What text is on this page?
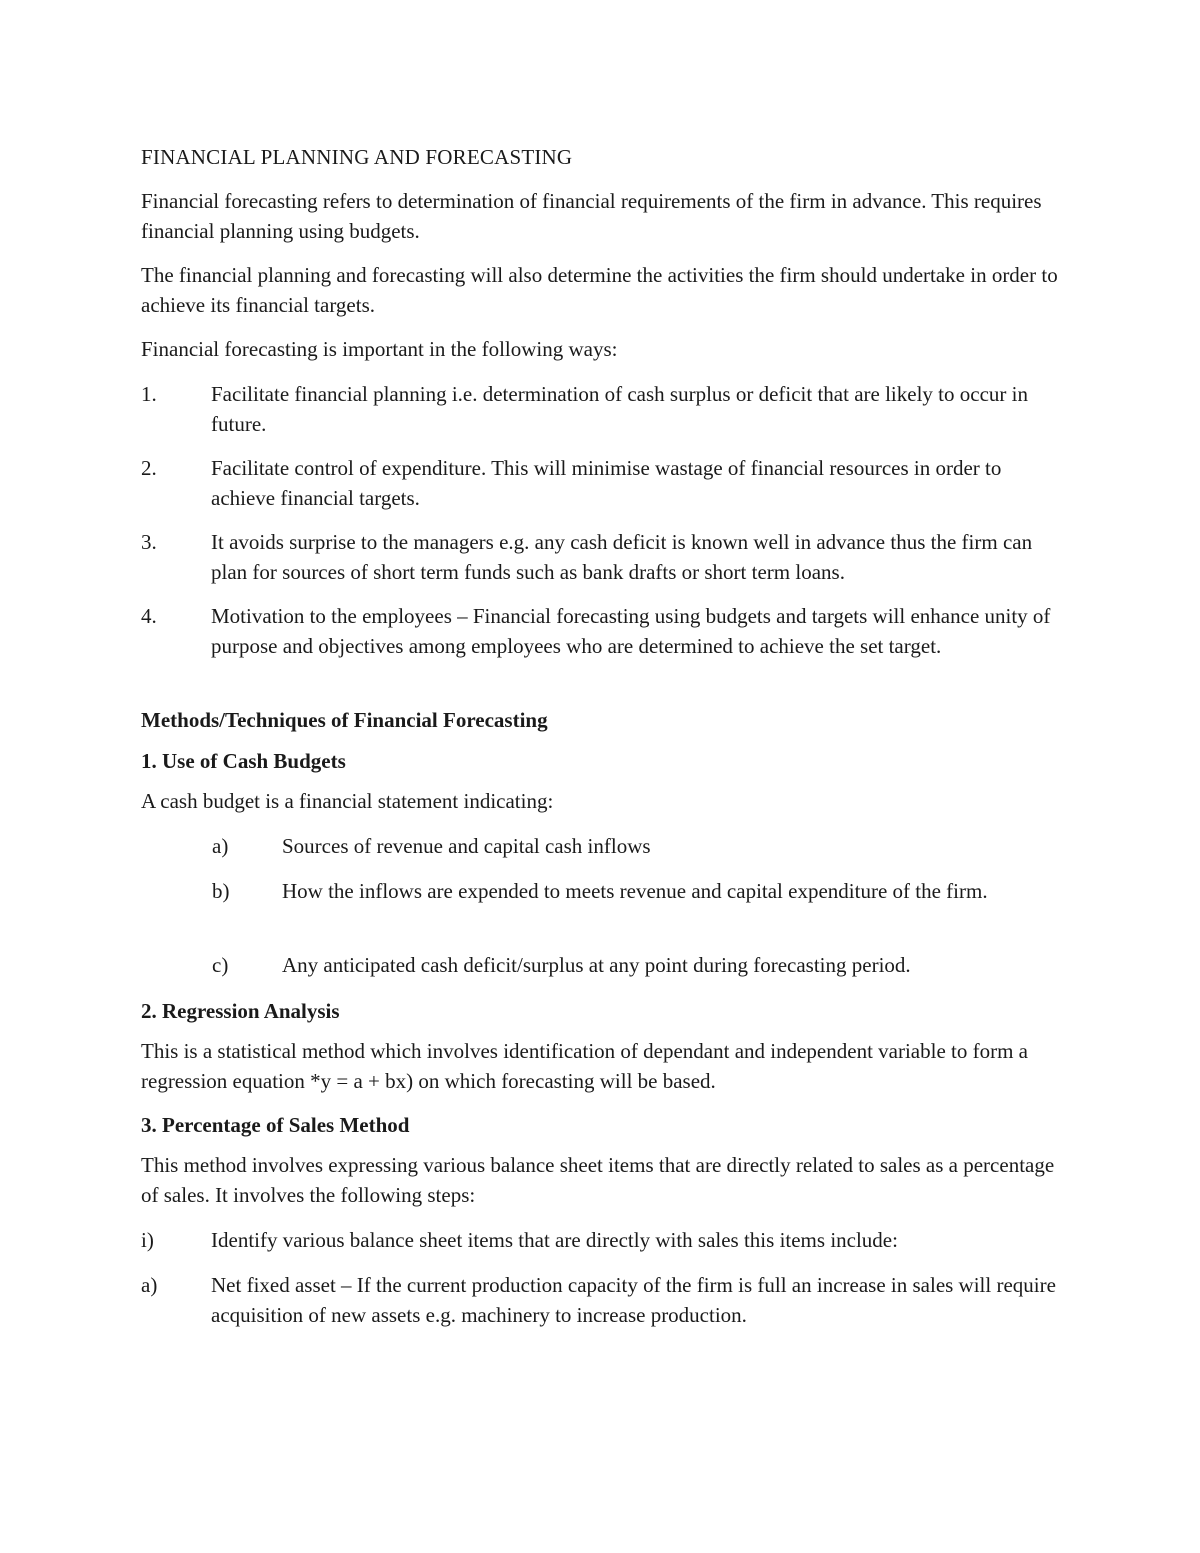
FINANCIAL PLANNING AND FORECASTING

Financial forecasting refers to determination of financial requirements of the firm in advance. This requires financial planning using budgets.

The financial planning and forecasting will also determine the activities the firm should undertake in order to achieve its financial targets.

Financial forecasting is important in the following ways:

1.	Facilitate financial planning i.e. determination of cash surplus or deficit that are likely to occur in future.
2.	Facilitate control of expenditure. This will minimise wastage of financial resources in order to achieve financial targets.
3.	It avoids surprise to the managers e.g. any cash deficit is known well in advance thus the firm can plan for sources of short term funds such as bank drafts or short term loans.
4.	Motivation to the employees – Financial forecasting using budgets and targets will enhance unity of purpose and objectives among employees who are determined to achieve the set target.

Methods/Techniques of Financial Forecasting

1. Use of Cash Budgets

A cash budget is a financial statement indicating:

a)	Sources of revenue and capital cash inflows
b)	How the inflows are expended to meets revenue and capital expenditure of the firm.
c)	Any anticipated cash deficit/surplus at any point during forecasting period.

2. Regression Analysis

This is a statistical method which involves identification of dependant and independent variable to form a regression equation *y = a + bx) on which forecasting will be based.

3. Percentage of Sales Method

This method involves expressing various balance sheet items that are directly related to sales as a percentage of sales. It involves the following steps:

i)	Identify various balance sheet items that are directly with sales this items include:
a)	Net fixed asset – If the current production capacity of the firm is full an increase in sales will require acquisition of new assets e.g. machinery to increase production.
